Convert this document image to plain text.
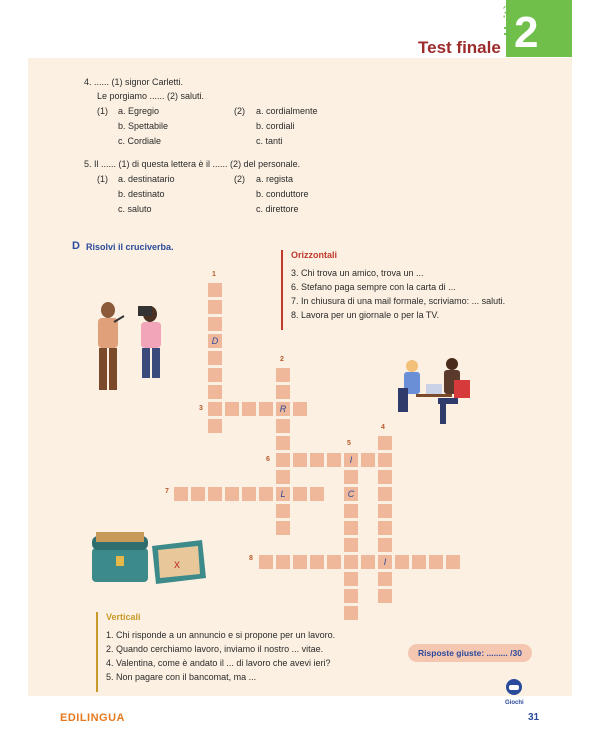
Test finale
Unità
2
4. ...... (1) signor Carletti.
Le porgiamo ...... (2) saluti.
(1) a. Egregio
b. Spettabile
c. Cordiale
(2) a. cordialmente
b. cordiali
c. tanti
5. Il ...... (1) di questa lettera è il ...... (2) del personale.
(1) a. destinatario
b. destinato
c. saluto
(2) a. regista
b. conduttore
c. direttore
D Risolvi il cruciverba.
Orizzontali
3. Chi trova un amico, trova un ...
6. Stefano paga sempre con la carta di ...
7. In chiusura di una mail formale, scriviamo: ... saluti.
8. Lavora per un giornale o per la TV.
Verticali
1. Chi risponde a un annuncio e si propone per un lavoro.
2. Quando cerchiamo lavoro, inviamo il nostro ... vitae.
4. Valentina, come è andato il ... di lavoro che avevi ieri?
5. Non pagare con il bancomat, ma ...
D
R
I
C
L
I
1
2
3
4
5
6
7
8
x
Risposte giuste: ......... /30
Giochi
EDILINGUA	31
